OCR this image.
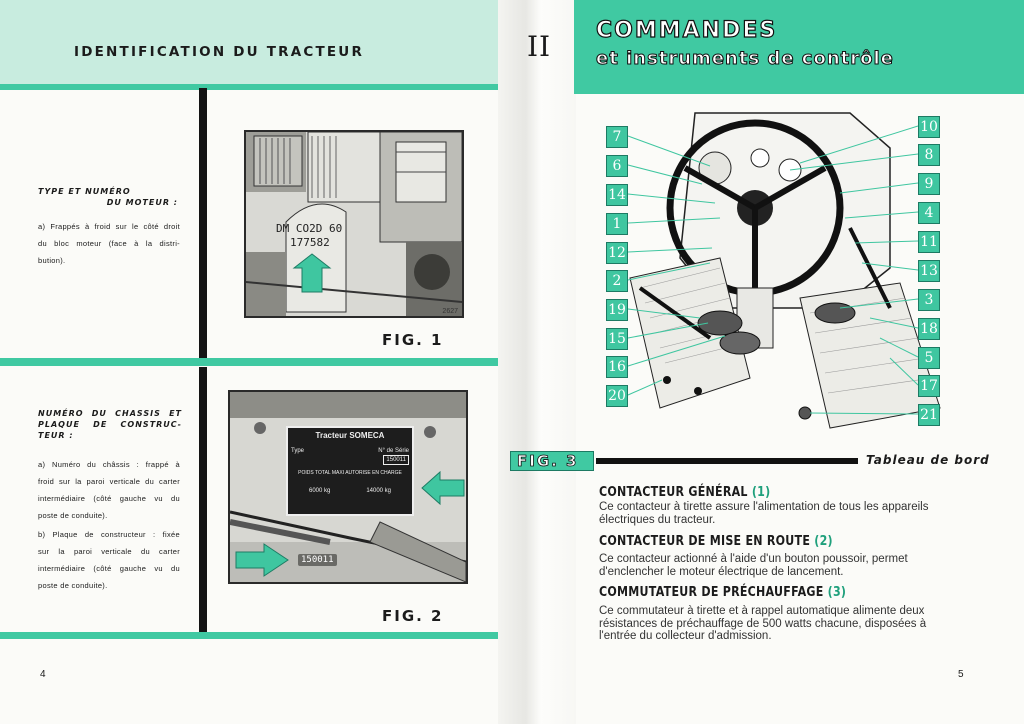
IDENTIFICATION DU TRACTEUR
TYPE ET NUMÉRO
DU MOTEUR :
a) Frappés à froid sur le côté droit
du bloc moteur (face à la distri-
bution).
DM CO2D 60
177582
2627
FIG. 1
NUMÉRO DU CHASSIS ET
PLAQUE DE CONSTRUC-
TEUR :
a) Numéro du châssis : frappé à
froid sur la paroi verticale du carter
intermédiaire (côté gauche vu du
poste de conduite).
b) Plaque de constructeur : fixée
sur la paroi verticale du carter
intermédiaire (côté gauche vu du
poste de conduite).
Tracteur SOMECA
Type	N° de Série
150011
POIDS TOTAL MAXI AUTORISE EN CHARGE
6000 kg	14000 kg
150011
FIG. 2
4
II COMMANDES
et instruments de contrôle
7
6
14
1
12
2
19
15
16
20
10
8
9
4
11
13
3
18
5
17
21
FIG. 3	Tableau de bord
CONTACTEUR GÉNÉRAL (1)
Ce contacteur à tirette assure l'alimentation de tous les appareils électriques du tracteur.
CONTACTEUR DE MISE EN ROUTE (2)
Ce contacteur actionné à l'aide d'un bouton poussoir, permet d'enclencher le moteur électrique de lancement.
COMMUTATEUR DE PRÉCHAUFFAGE (3)
Ce commutateur à tirette et à rappel automatique alimente deux résistances de préchauffage de 500 watts chacune, disposées à l'entrée du collecteur d'admission.
5
